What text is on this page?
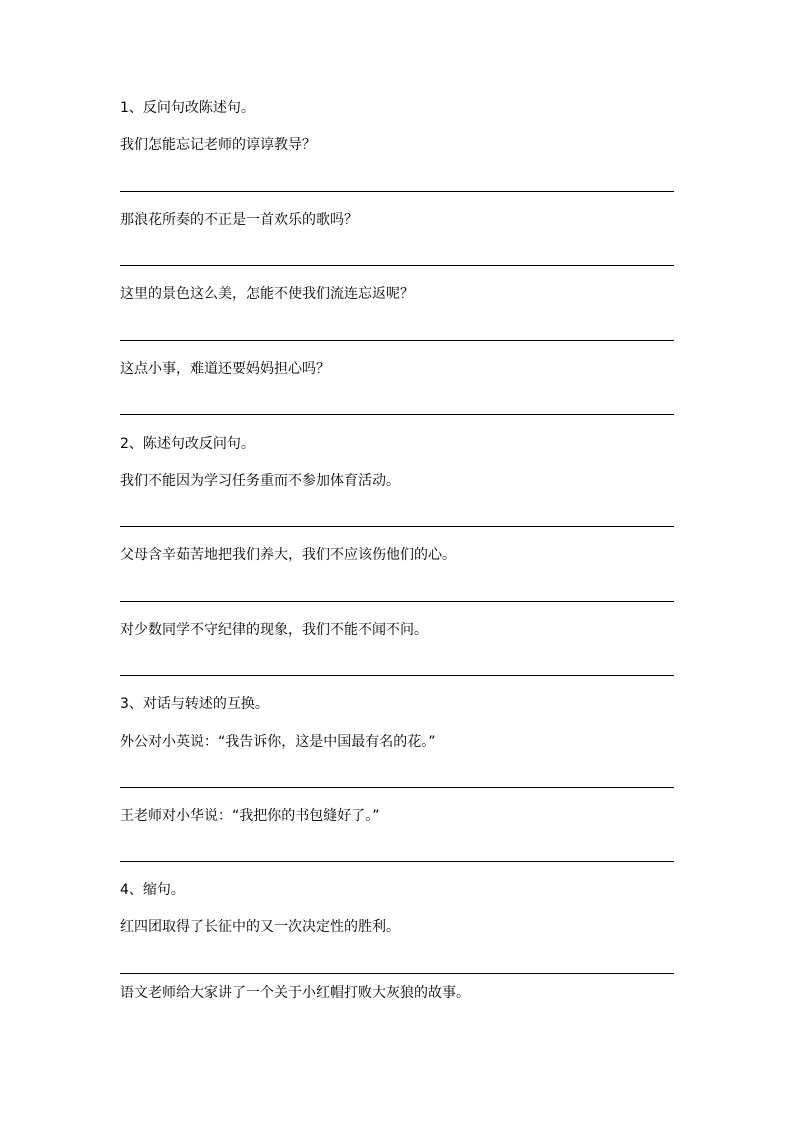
1、反问句改陈述句。
我们怎能忘记老师的谆谆教导？
那浪花所奏的不正是一首欢乐的歌吗？
这里的景色这么美，怎能不使我们流连忘返呢？
这点小事，难道还要妈妈担心吗？
2、陈述句改反问句。
我们不能因为学习任务重而不参加体育活动。
父母含辛茹苦地把我们养大，我们不应该伤他们的心。
对少数同学不守纪律的现象，我们不能不闻不问。
3、对话与转述的互换。
外公对小英说：“我告诉你，这是中国最有名的花。”
王老师对小华说：“我把你的书包缝好了。”
4、缩句。
红四团取得了长征中的又一次决定性的胜利。
语文老师给大家讲了一个关于小红帽打败大灰狼的故事。
